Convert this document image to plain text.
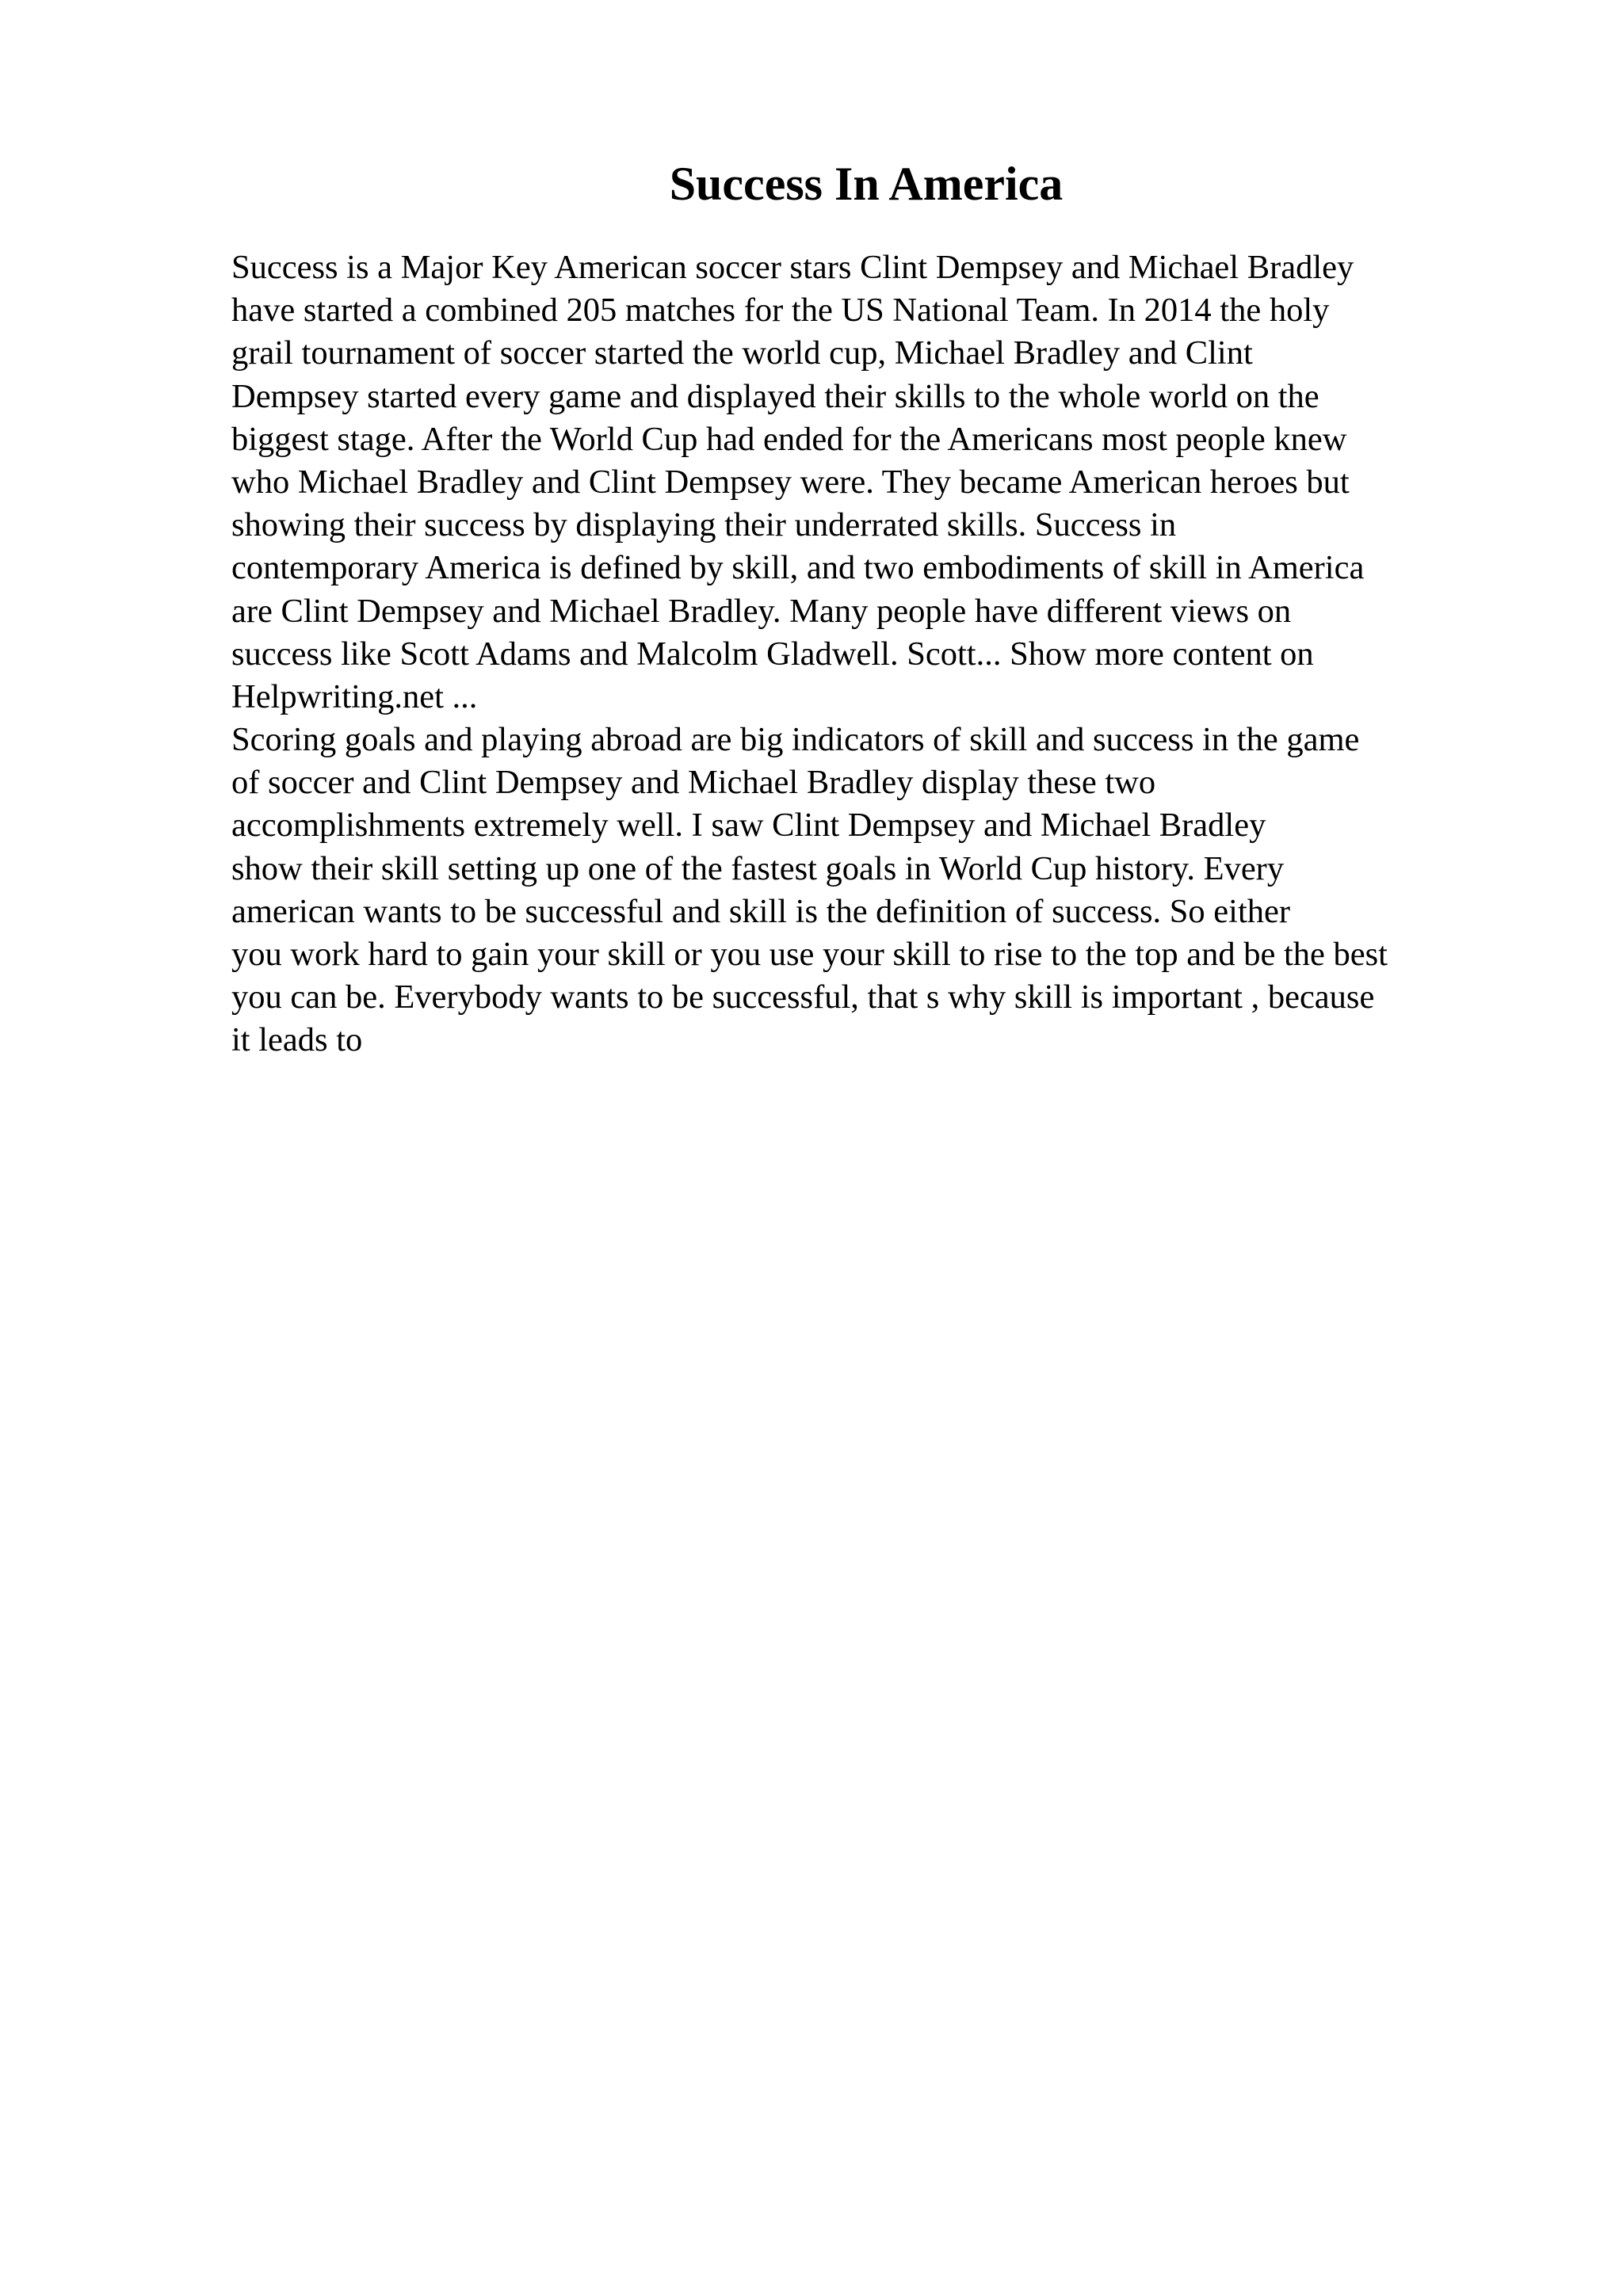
Success In America
Success is a Major Key American soccer stars Clint Dempsey and Michael Bradley
have started a combined 205 matches for the US National Team. In 2014 the holy
grail tournament of soccer started the world cup, Michael Bradley and Clint
Dempsey started every game and displayed their skills to the whole world on the
biggest stage. After the World Cup had ended for the Americans most people knew
who Michael Bradley and Clint Dempsey were. They became American heroes but
showing their success by displaying their underrated skills. Success in
contemporary America is defined by skill, and two embodiments of skill in America
are Clint Dempsey and Michael Bradley. Many people have different views on
success like Scott Adams and Malcolm Gladwell. Scott... Show more content on
Helpwriting.net ...
Scoring goals and playing abroad are big indicators of skill and success in the game
of soccer and Clint Dempsey and Michael Bradley display these two
accomplishments extremely well. I saw Clint Dempsey and Michael Bradley
show their skill setting up one of the fastest goals in World Cup history. Every
american wants to be successful and skill is the definition of success. So either
you work hard to gain your skill or you use your skill to rise to the top and be the best
you can be. Everybody wants to be successful, that s why skill is important , because
it leads to
